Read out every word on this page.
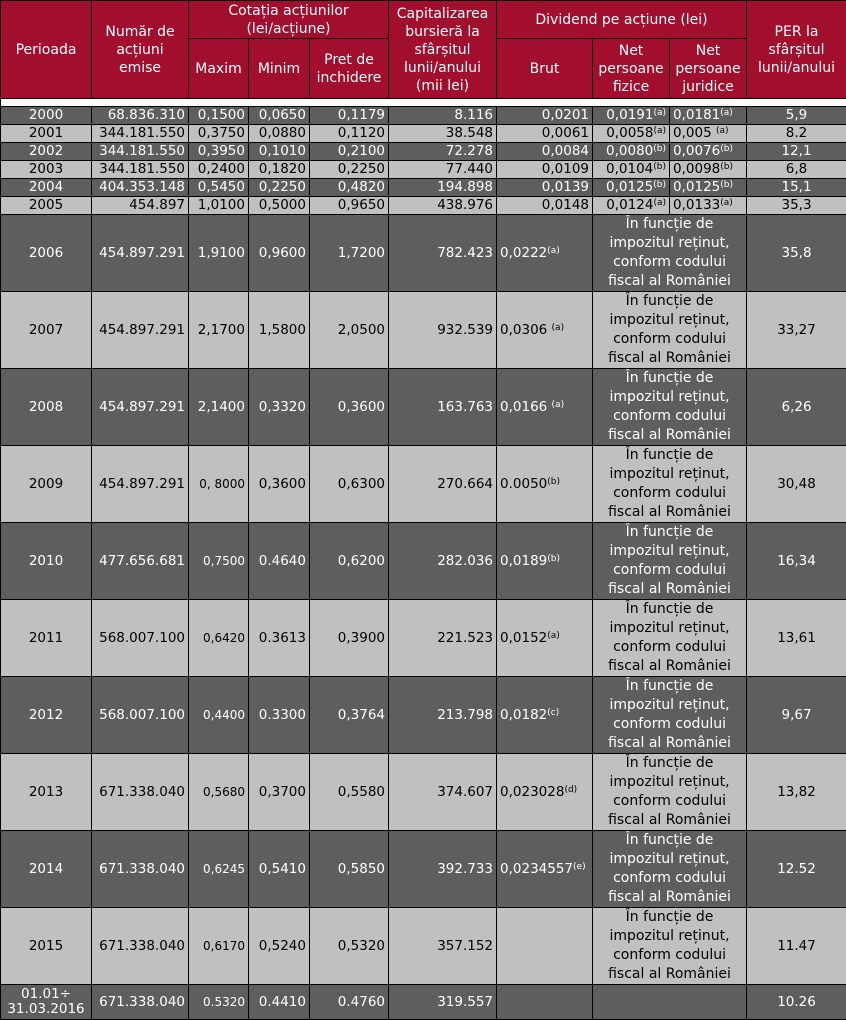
Perioada	Număr de acțiuni emise	Cotația acțiunilor (lei/acțiune)			Capitalizarea bursieră la sfârșitul lunii/anului (mii lei)	Dividend pe acțiune (lei)			PER la sfârșitul lunii/anului
		Maxim	Minim	Pret de inchidere		Brut	Net persoane fizice	Net persoane juridice	

2000	68.836.310	0,1500	0,0650	0,1179	8.116	0,0201	0,0191$^{(a)}$	0,0181$^{(a)}$	5,9
2001	344.181.550	0,3750	0,0880	0,1120	38.548	0,0061	0,0058$^{(a)}$	0,005 $^{(a)}$	8.2
2002	344.181.550	0,3950	0,1010	0,2100	72.278	0,0084	0,0080$^{(b)}$	0,0076$^{(b)}$	12,1
2003	344.181.550	0,2400	0,1820	0,2250	77.440	0,0109	0,0104$^{(b)}$	0,0098$^{(b)}$	6,8
2004	404.353.148	0,5450	0,2250	0,4820	194.898	0,0139	0,0125$^{(b)}$	0,0125$^{(b)}$	15,1
2005	454.897	1,0100	0,5000	0,9650	438.976	0,0148	0,0124$^{(a)}$	0,0133$^{(a)}$	35,3
2006	454.897.291	1,9100	0,9600	1,7200	782.423	0,0222$^{(a)}$	În funcție de impozitul reținut, conform codului fiscal al României		35,8
2007	454.897.291	2,1700	1,5800	2,0500	932.539	0,0306 $^{(a)}$	În funcție de impozitul reținut, conform codului fiscal al României		33,27
2008	454.897.291	2,1400	0,3320	0,3600	163.763	0,0166 $^{(a)}$	În funcție de impozitul reținut, conform codului fiscal al României		6,26
2009	454.897.291	0, 8000	0,3600	0,6300	270.664	0.0050$^{(b)}$	În funcție de impozitul reținut, conform codului fiscal al României		30,48
2010	477.656.681	0,7500	0.4640	0,6200	282.036	0,0189$^{(b)}$	În funcție de impozitul reținut, conform codului fiscal al României		16,34
2011	568.007.100	0,6420	0.3613	0,3900	221.523	0,0152$^{(a)}$	În funcție de impozitul reținut, conform codului fiscal al României		13,61
2012	568.007.100	0,4400	0.3300	0,3764	213.798	0,0182$^{(c)}$	În funcție de impozitul reținut, conform codului fiscal al României		9,67
2013	671.338.040	0,5680	0,3700	0,5580	374.607	0,023028$^{(d)}$	În funcție de impozitul reținut, conform codului fiscal al României		13,82
2014	671.338.040	0,6245	0,5410	0,5850	392.733	0,0234557$^{(e)}$	În funcție de impozitul reținut, conform codului fiscal al României		12.52
2015	671.338.040	0,6170	0,5240	0,5320	357.152		În funcție de impozitul reținut, conform codului fiscal al României		11.47

01.01÷
31.03.2016	671.338.040	0.5320	0.4410	0.4760	319.557				10.26
